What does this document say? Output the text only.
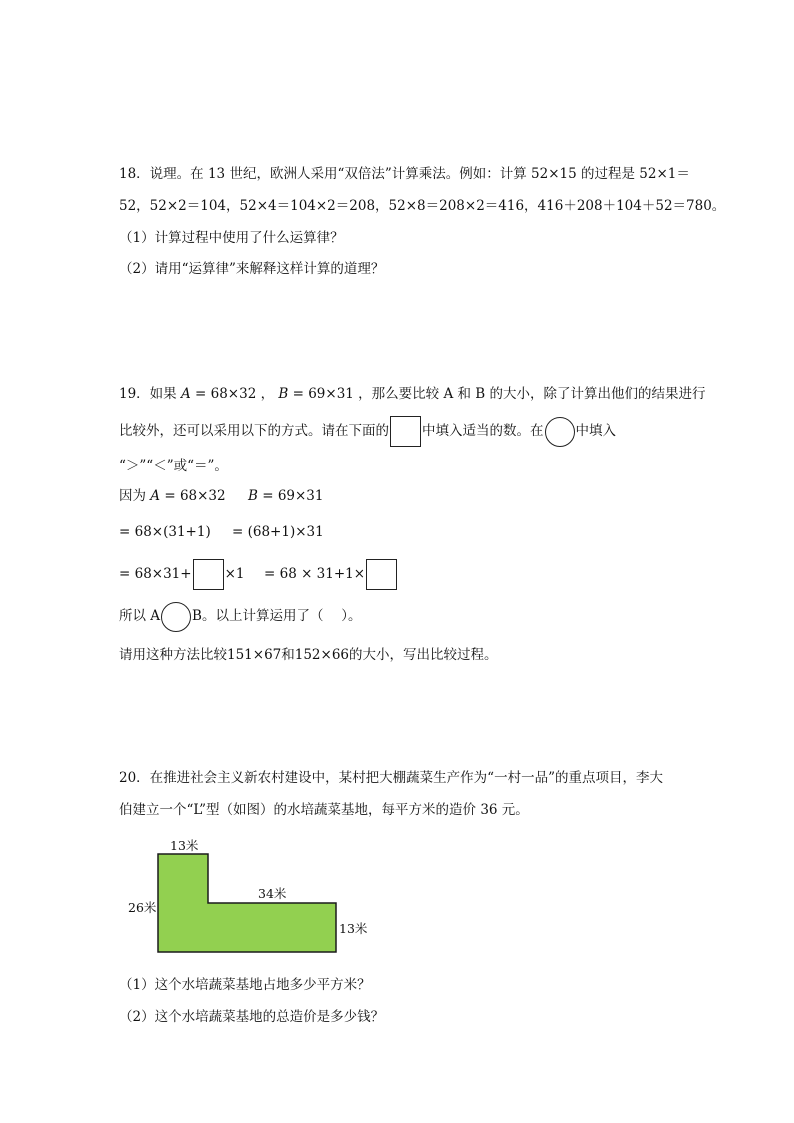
18．说理。在 13 世纪，欧洲人采用“双倍法”计算乘法。例如：计算 52×15 的过程是 52×1＝
52，52×2＝104，52×4＝104×2＝208，52×8＝208×2＝416，416＋208＋104＋52＝780。
（1）计算过程中使用了什么运算律？
（2）请用“运算律”来解释这样计算的道理？
19．如果 A = 68×32 ， B = 69×31 ，那么要比较 A 和 B 的大小，除了计算出他们的结果进行
比较外，还可以采用以下的方式。请在下面的 中填入适当的数。在 中填入
“＞”“＜”或“＝”。
因为 A = 68×32 B = 69×31
= 68×(31+1) = (68+1)×31
= 68×31+ ×1 = 68 × 31+1×
所以 A B。以上计算运用了（　 ）。
请用这种方法比较151×67和152×66的大小，写出比较过程。
20．在推进社会主义新农村建设中，某村把大棚蔬菜生产作为“一村一品”的重点项目，李大
伯建立一个“L”型（如图）的水培蔬菜基地，每平方米的造价 36 元。
13米
26米
34米
13米
（1）这个水培蔬菜基地占地多少平方米？
（2）这个水培蔬菜基地的总造价是多少钱？
